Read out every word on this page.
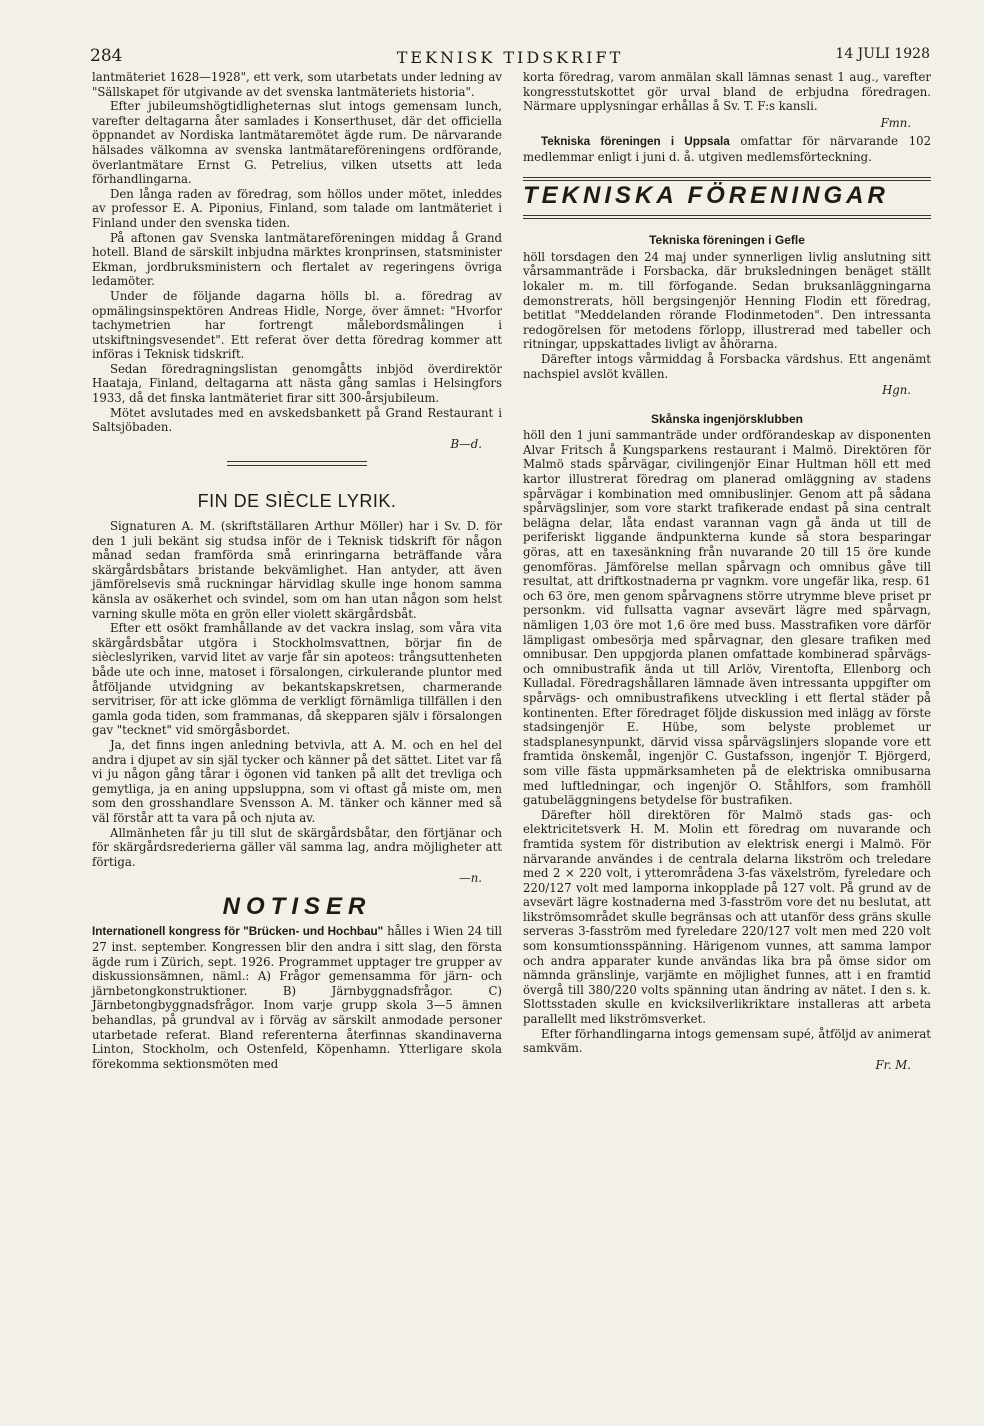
284	TEKNISK TIDSKRIFT	14 JULI 1928

lantmäteriet 1628—1928", ett verk, som utarbetats under ledning av "Sällskapet för utgivande av det svenska lantmäteriets historia".

Efter jubileumshögtidligheternas slut intogs gemensam lunch, varefter deltagarna åter samlades i Konserthuset, där det officiella öppnandet av Nordiska lantmätaremötet ägde rum. De närvarande hälsades välkomna av svenska lantmätareföreningens ordförande, överlantmätare Ernst G. Petrelius, vilken utsetts att leda förhandlingarna.

Den långa raden av föredrag, som höllos under mötet, inleddes av professor E. A. Piponius, Finland, som talade om lantmäteriet i Finland under den svenska tiden.

På aftonen gav Svenska lantmätareföreningen middag å Grand hotell. Bland de särskilt inbjudna märktes kronprinsen, statsminister Ekman, jordbruksministern och flertalet av regeringens övriga ledamöter.

Under de följande dagarna hölls bl. a. föredrag av opmälingsinspektören Andreas Hidle, Norge, över ämnet: "Hvorfor tachymetrien har fortrengt målebordsmålingen i utskiftningsvesendet". Ett referat över detta föredrag kommer att införas i Teknisk tidskrift.

Sedan föredragningslistan genomgåtts inbjöd överdirektör Haataja, Finland, deltagarna att nästa gång samlas i Helsingfors 1933, då det finska lantmäteriet firar sitt 300-årsjubileum.

Mötet avslutades med en avskedsbankett på Grand Restaurant i Saltsjöbaden.

B—d.
FIN DE SIÈCLE LYRIK.

Signaturen A. M. (skriftställaren Arthur Möller) har i Sv. D. för den 1 juli bekänt sig studsa inför de i Teknisk tidskrift för någon månad sedan framförda små erinringarna beträffande våra skärgårdsbåtars bristande bekvämlighet. Han antyder, att även jämförelsevis små ruckningar härvidlag skulle inge honom samma känsla av osäkerhet och svindel, som om han utan någon som helst varning skulle möta en grön eller violett skärgårdsbåt.

Efter ett osökt framhållande av det vackra inslag, som våra vita skärgårdsbåtar utgöra i Stockholmsvattnen, börjar fin de siècleslyriken, varvid litet av varje får sin apoteos: trångsuttenheten både ute och inne, matoset i försalongen, cirkulerande pluntor med åtföljande utvidgning av bekantskapskretsen, charmerande servitriser, för att icke glömma de verkligt förnämliga tillfällen i den gamla goda tiden, som frammanas, då skepparen själv i försalongen gav "tecknet" vid smörgåsbordet.

Ja, det finns ingen anledning betvivla, att A. M. och en hel del andra i djupet av sin själ tycker och känner på det sättet. Litet var få vi ju någon gång tårar i ögonen vid tanken på allt det trevliga och gemytliga, ja en aning uppsluppna, som vi oftast gå miste om, men som den grosshandlare Svensson A. M. tänker och känner med så väl förstår att ta vara på och njuta av.

Allmänheten får ju till slut de skärgårdsbåtar, den förtjänar och för skärgårdsrederierna gäller väl samma lag, andra möjligheter att förtiga.

—n.
NOTISER

Internationell kongress för "Brücken- und Hochbau" hålles i Wien 24 till 27 inst. september. Kongressen blir den andra i sitt slag, den första ägde rum i Zürich, sept. 1926. Programmet upptager tre grupper av diskussionsämnen, näml.: A) Frågor gemensamma för järn- och järnbetongkonstruktioner. B) Järnbyggnadsfrågor. C) Järnbetongbyggnadsfrågor. Inom varje grupp skola 3—5 ämnen behandlas, på grundval av i förväg av särskilt anmodade personer utarbetade referat. Bland referenterna återfinnas skandinaverna Linton, Stockholm, och Ostenfeld, Köpenhamn. Ytterligare skola förekomma sektionsmöten med

korta föredrag, varom anmälan skall lämnas senast 1 aug., varefter kongresstutskottet gör urval bland de erbjudna föredragen. Närmare upplysningar erhållas å Sv. T. F:s kansli.

Fmn.

Tekniska föreningen i Uppsala omfattar för närvarande 102 medlemmar enligt i juni d. å. utgiven medlemsförteckning.

TEKNISKA FÖRENINGAR
Tekniska föreningen i Gefle

höll torsdagen den 24 maj under synnerligen livlig anslutning sitt vårsammanträde i Forsbacka, där bruksledningen benäget ställt lokaler m. m. till förfogande. Sedan bruksanläggningarna demonstrerats, höll bergsingenjör Henning Flodin ett föredrag, betitlat "Meddelanden rörande Flodinmetoden". Den intressanta redogörelsen för metodens förlopp, illustrerad med tabeller och ritningar, uppskattades livligt av åhörarna.

Därefter intogs vårmiddag å Forsbacka värdshus. Ett angenämt nachspiel avslöt kvällen.

Hgn.
Skånska ingenjörsklubben

höll den 1 juni sammanträde under ordförandeskap av disponenten Alvar Fritsch å Kungsparkens restaurant i Malmö. Direktören för Malmö stads spårvägar, civilingenjör Einar Hultman höll ett med kartor illustrerat föredrag om planerad omläggning av stadens spårvägar i kombination med omnibuslinjer. Genom att på sådana spårvägslinjer, som vore starkt trafikerade endast på sina centralt belägna delar, låta endast varannan vagn gå ända ut till de periferiskt liggande ändpunkterna kunde så stora besparingar göras, att en taxesänkning från nuvarande 20 till 15 öre kunde genomföras. Jämförelse mellan spårvagn och omnibus gåve till resultat, att driftkostnaderna pr vagnkm. vore ungefär lika, resp. 61 och 63 öre, men genom spårvagnens större utrymme bleve priset pr personkm. vid fullsatta vagnar avsevärt lägre med spårvagn, nämligen 1,03 öre mot 1,6 öre med buss. Masstrafiken vore därför lämpligast ombesörja med spårvagnar, den glesare trafiken med omnibusar. Den uppgjorda planen omfattade kombinerad spårvägs- och omnibustrafik ända ut till Arlöv, Virentofta, Ellenborg och Kulladal. Föredragshållaren lämnade även intressanta uppgifter om spårvägs- och omnibustrafikens utveckling i ett flertal städer på kontinenten. Efter föredraget följde diskussion med inlägg av förste stadsingenjör E. Hübe, som belyste problemet ur stadsplanesynpunkt, därvid vissa spårvägslinjers slopande vore ett framtida önskemål, ingenjör C. Gustafsson, ingenjör T. Björgerd, som ville fästa uppmärksamheten på de elektriska omnibusarna med luftledningar, och ingenjör O. Ståhlfors, som framhöll gatubeläggningens betydelse för bustrafiken.

Därefter höll direktören för Malmö stads gas- och elektricitetsverk H. M. Molin ett föredrag om nuvarande och framtida system för distribution av elektrisk energi i Malmö. För närvarande användes i de centrala delarna likström och treledare med 2 × 220 volt, i ytterområdena 3-fas växelström, fyreledare och 220/127 volt med lamporna inkopplade på 127 volt. På grund av de avsevärt lägre kostnaderna med 3-fasström vore det nu beslutat, att likströmsområdet skulle begränsas och att utanför dess gräns skulle serveras 3-fasström med fyreledare 220/127 volt men med 220 volt som konsumtionsspänning. Härigenom vunnes, att samma lampor och andra apparater kunde användas lika bra på ömse sidor om nämnda gränslinje, varjämte en möjlighet funnes, att i en framtid övergå till 380/220 volts spänning utan ändring av nätet. I den s. k. Slottsstaden skulle en kvicksilverlikriktare installeras att arbeta parallellt med likströmsverket.

Efter förhandlingarna intogs gemensam supé, åtföljd av animerat samkväm.

Fr. M.
